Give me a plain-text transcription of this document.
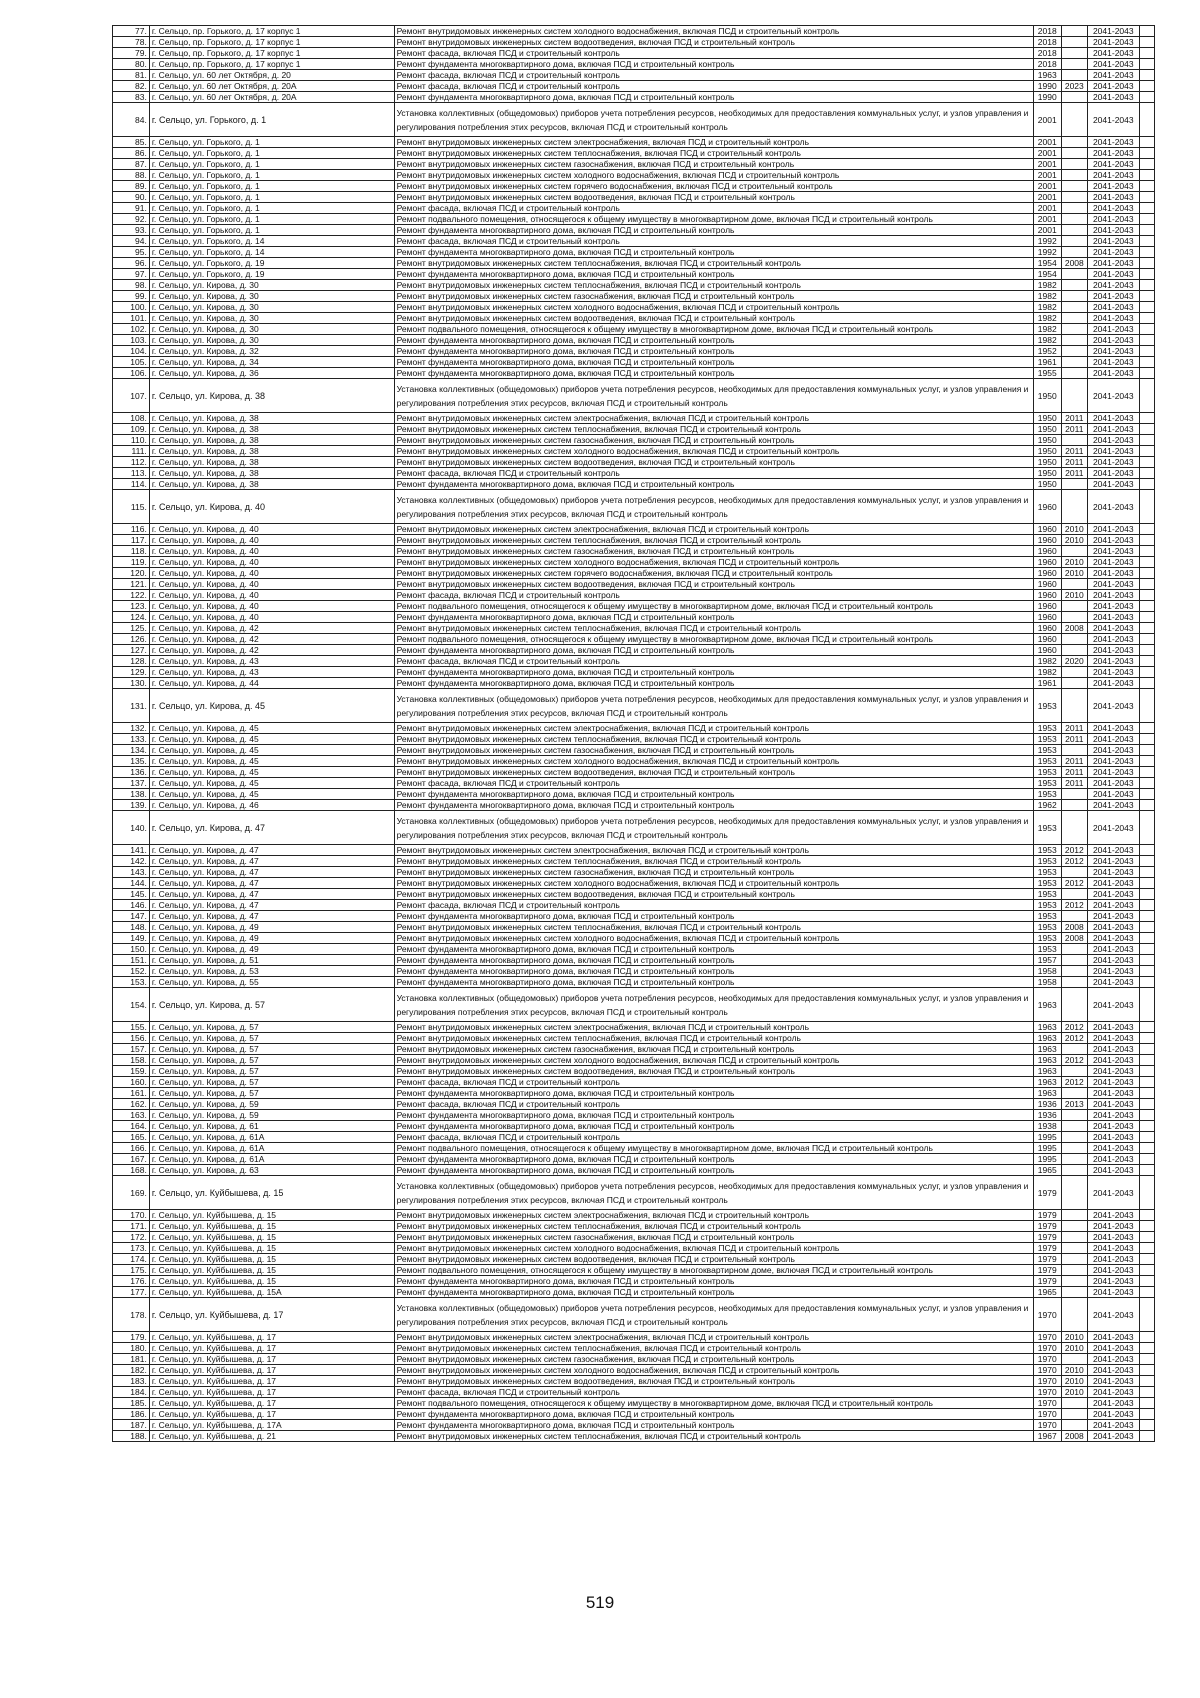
77.	г. Сельцо, пр. Горького, д. 17 корпус 1	Ремонт внутридомовых инженерных систем холодного водоснабжения, включая ПСД и строительный контроль	2018		2041-2043	
78.	г. Сельцо, пр. Горького, д. 17 корпус 1	Ремонт внутридомовых инженерных систем водоотведения, включая ПСД и строительный контроль	2018		2041-2043	
79.	г. Сельцо, пр. Горького, д. 17 корпус 1	Ремонт фасада, включая ПСД и строительный контроль	2018		2041-2043	
80.	г. Сельцо, пр. Горького, д. 17 корпус 1	Ремонт фундамента многоквартирного дома, включая ПСД и строительный контроль	2018		2041-2043	
81.	г. Сельцо, ул. 60 лет Октября, д. 20	Ремонт фасада, включая ПСД и строительный контроль	1963		2041-2043	
82.	г. Сельцо, ул. 60 лет Октября, д. 20А	Ремонт фасада, включая ПСД и строительный контроль	1990	2023	2041-2043	
83.	г. Сельцо, ул. 60 лет Октября, д. 20А	Ремонт фундамента многоквартирного дома, включая ПСД и строительный контроль	1990		2041-2043	
84.	г. Сельцо, ул. Горького, д. 1	Установка коллективных (общедомовых) приборов учета потребления ресурсов, необходимых для предоставления коммунальных услуг, и узлов управления и регулирования потребления этих ресурсов, включая ПСД и строительный контроль	2001		2041-2043	
85.	г. Сельцо, ул. Горького, д. 1	Ремонт внутридомовых инженерных систем электроснабжения, включая ПСД и строительный контроль	2001		2041-2043	
86.	г. Сельцо, ул. Горького, д. 1	Ремонт внутридомовых инженерных систем теплоснабжения, включая ПСД и строительный контроль	2001		2041-2043	
87.	г. Сельцо, ул. Горького, д. 1	Ремонт внутридомовых инженерных систем газоснабжения, включая ПСД и строительный контроль	2001		2041-2043	
88.	г. Сельцо, ул. Горького, д. 1	Ремонт внутридомовых инженерных систем холодного водоснабжения, включая ПСД и строительный контроль	2001		2041-2043	
89.	г. Сельцо, ул. Горького, д. 1	Ремонт внутридомовых инженерных систем горячего водоснабжения, включая ПСД и строительный контроль	2001		2041-2043	
90.	г. Сельцо, ул. Горького, д. 1	Ремонт внутридомовых инженерных систем водоотведения, включая ПСД и строительный контроль	2001		2041-2043	
91.	г. Сельцо, ул. Горького, д. 1	Ремонт фасада, включая ПСД и строительный контроль	2001		2041-2043	
92.	г. Сельцо, ул. Горького, д. 1	Ремонт подвального помещения, относящегося к общему имуществу в многоквартирном доме, включая ПСД и строительный контроль	2001		2041-2043	
93.	г. Сельцо, ул. Горького, д. 1	Ремонт фундамента многоквартирного дома, включая ПСД и строительный контроль	2001		2041-2043	
94.	г. Сельцо, ул. Горького, д. 14	Ремонт фасада, включая ПСД и строительный контроль	1992		2041-2043	
95.	г. Сельцо, ул. Горького, д. 14	Ремонт фундамента многоквартирного дома, включая ПСД и строительный контроль	1992		2041-2043	
96.	г. Сельцо, ул. Горького, д. 19	Ремонт внутридомовых инженерных систем теплоснабжения, включая ПСД и строительный контроль	1954	2008	2041-2043	
97.	г. Сельцо, ул. Горького, д. 19	Ремонт фундамента многоквартирного дома, включая ПСД и строительный контроль	1954		2041-2043	
98.	г. Сельцо, ул. Кирова, д. 30	Ремонт внутридомовых инженерных систем теплоснабжения, включая ПСД и строительный контроль	1982		2041-2043	
99.	г. Сельцо, ул. Кирова, д. 30	Ремонт внутридомовых инженерных систем газоснабжения, включая ПСД и строительный контроль	1982		2041-2043	
100.	г. Сельцо, ул. Кирова, д. 30	Ремонт внутридомовых инженерных систем холодного водоснабжения, включая ПСД и строительный контроль	1982		2041-2043	
101.	г. Сельцо, ул. Кирова, д. 30	Ремонт внутридомовых инженерных систем водоотведения, включая ПСД и строительный контроль	1982		2041-2043	
102.	г. Сельцо, ул. Кирова, д. 30	Ремонт подвального помещения, относящегося к общему имуществу в многоквартирном доме, включая ПСД и строительный контроль	1982		2041-2043	
103.	г. Сельцо, ул. Кирова, д. 30	Ремонт фундамента многоквартирного дома, включая ПСД и строительный контроль	1982		2041-2043	
104.	г. Сельцо, ул. Кирова, д. 32	Ремонт фундамента многоквартирного дома, включая ПСД и строительный контроль	1952		2041-2043	
105.	г. Сельцо, ул. Кирова, д. 34	Ремонт фундамента многоквартирного дома, включая ПСД и строительный контроль	1961		2041-2043	
106.	г. Сельцо, ул. Кирова, д. 36	Ремонт фундамента многоквартирного дома, включая ПСД и строительный контроль	1955		2041-2043	
107.	г. Сельцо, ул. Кирова, д. 38	Установка коллективных (общедомовых) приборов учета потребления ресурсов, необходимых для предоставления коммунальных услуг, и узлов управления и регулирования потребления этих ресурсов, включая ПСД и строительный контроль	1950		2041-2043	
108.	г. Сельцо, ул. Кирова, д. 38	Ремонт внутридомовых инженерных систем электроснабжения, включая ПСД и строительный контроль	1950	2011	2041-2043	
109.	г. Сельцо, ул. Кирова, д. 38	Ремонт внутридомовых инженерных систем теплоснабжения, включая ПСД и строительный контроль	1950	2011	2041-2043	
110.	г. Сельцо, ул. Кирова, д. 38	Ремонт внутридомовых инженерных систем газоснабжения, включая ПСД и строительный контроль	1950		2041-2043	
111.	г. Сельцо, ул. Кирова, д. 38	Ремонт внутридомовых инженерных систем холодного водоснабжения, включая ПСД и строительный контроль	1950	2011	2041-2043	
112.	г. Сельцо, ул. Кирова, д. 38	Ремонт внутридомовых инженерных систем водоотведения, включая ПСД и строительный контроль	1950	2011	2041-2043	
113.	г. Сельцо, ул. Кирова, д. 38	Ремонт фасада, включая ПСД и строительный контроль	1950	2011	2041-2043	
114.	г. Сельцо, ул. Кирова, д. 38	Ремонт фундамента многоквартирного дома, включая ПСД и строительный контроль	1950		2041-2043	
115.	г. Сельцо, ул. Кирова, д. 40	Установка коллективных (общедомовых) приборов учета потребления ресурсов, необходимых для предоставления коммунальных услуг, и узлов управления и регулирования потребления этих ресурсов, включая ПСД и строительный контроль	1960		2041-2043	
116.	г. Сельцо, ул. Кирова, д. 40	Ремонт внутридомовых инженерных систем электроснабжения, включая ПСД и строительный контроль	1960	2010	2041-2043	
117.	г. Сельцо, ул. Кирова, д. 40	Ремонт внутридомовых инженерных систем теплоснабжения, включая ПСД и строительный контроль	1960	2010	2041-2043	
118.	г. Сельцо, ул. Кирова, д. 40	Ремонт внутридомовых инженерных систем газоснабжения, включая ПСД и строительный контроль	1960		2041-2043	
119.	г. Сельцо, ул. Кирова, д. 40	Ремонт внутридомовых инженерных систем холодного водоснабжения, включая ПСД и строительный контроль	1960	2010	2041-2043	
120.	г. Сельцо, ул. Кирова, д. 40	Ремонт внутридомовых инженерных систем горячего водоснабжения, включая ПСД и строительный контроль	1960	2010	2041-2043	
121.	г. Сельцо, ул. Кирова, д. 40	Ремонт внутридомовых инженерных систем водоотведения, включая ПСД и строительный контроль	1960		2041-2043	
122.	г. Сельцо, ул. Кирова, д. 40	Ремонт фасада, включая ПСД и строительный контроль	1960	2010	2041-2043	
123.	г. Сельцо, ул. Кирова, д. 40	Ремонт подвального помещения, относящегося к общему имуществу в многоквартирном доме, включая ПСД и строительный контроль	1960		2041-2043	
124.	г. Сельцо, ул. Кирова, д. 40	Ремонт фундамента многоквартирного дома, включая ПСД и строительный контроль	1960		2041-2043	
125.	г. Сельцо, ул. Кирова, д. 42	Ремонт внутридомовых инженерных систем теплоснабжения, включая ПСД и строительный контроль	1960	2008	2041-2043	
126.	г. Сельцо, ул. Кирова, д. 42	Ремонт подвального помещения, относящегося к общему имуществу в многоквартирном доме, включая ПСД и строительный контроль	1960		2041-2043	
127.	г. Сельцо, ул. Кирова, д. 42	Ремонт фундамента многоквартирного дома, включая ПСД и строительный контроль	1960		2041-2043	
128.	г. Сельцо, ул. Кирова, д. 43	Ремонт фасада, включая ПСД и строительный контроль	1982	2020	2041-2043	
129.	г. Сельцо, ул. Кирова, д. 43	Ремонт фундамента многоквартирного дома, включая ПСД и строительный контроль	1982		2041-2043	
130.	г. Сельцо, ул. Кирова, д. 44	Ремонт фундамента многоквартирного дома, включая ПСД и строительный контроль	1961		2041-2043	
131.	г. Сельцо, ул. Кирова, д. 45	Установка коллективных (общедомовых) приборов учета потребления ресурсов, необходимых для предоставления коммунальных услуг, и узлов управления и регулирования потребления этих ресурсов, включая ПСД и строительный контроль	1953		2041-2043	
132.	г. Сельцо, ул. Кирова, д. 45	Ремонт внутридомовых инженерных систем электроснабжения, включая ПСД и строительный контроль	1953	2011	2041-2043	
133.	г. Сельцо, ул. Кирова, д. 45	Ремонт внутридомовых инженерных систем теплоснабжения, включая ПСД и строительный контроль	1953	2011	2041-2043	
134.	г. Сельцо, ул. Кирова, д. 45	Ремонт внутридомовых инженерных систем газоснабжения, включая ПСД и строительный контроль	1953		2041-2043	
135.	г. Сельцо, ул. Кирова, д. 45	Ремонт внутридомовых инженерных систем холодного водоснабжения, включая ПСД и строительный контроль	1953	2011	2041-2043	
136.	г. Сельцо, ул. Кирова, д. 45	Ремонт внутридомовых инженерных систем водоотведения, включая ПСД и строительный контроль	1953	2011	2041-2043	
137.	г. Сельцо, ул. Кирова, д. 45	Ремонт фасада, включая ПСД и строительный контроль	1953	2011	2041-2043	
138.	г. Сельцо, ул. Кирова, д. 45	Ремонт фундамента многоквартирного дома, включая ПСД и строительный контроль	1953		2041-2043	
139.	г. Сельцо, ул. Кирова, д. 46	Ремонт фундамента многоквартирного дома, включая ПСД и строительный контроль	1962		2041-2043	
140.	г. Сельцо, ул. Кирова, д. 47	Установка коллективных (общедомовых) приборов учета потребления ресурсов, необходимых для предоставления коммунальных услуг, и узлов управления и регулирования потребления этих ресурсов, включая ПСД и строительный контроль	1953		2041-2043	
141.	г. Сельцо, ул. Кирова, д. 47	Ремонт внутридомовых инженерных систем электроснабжения, включая ПСД и строительный контроль	1953	2012	2041-2043	
142.	г. Сельцо, ул. Кирова, д. 47	Ремонт внутридомовых инженерных систем теплоснабжения, включая ПСД и строительный контроль	1953	2012	2041-2043	
143.	г. Сельцо, ул. Кирова, д. 47	Ремонт внутридомовых инженерных систем газоснабжения, включая ПСД и строительный контроль	1953		2041-2043	
144.	г. Сельцо, ул. Кирова, д. 47	Ремонт внутридомовых инженерных систем холодного водоснабжения, включая ПСД и строительный контроль	1953	2012	2041-2043	
145.	г. Сельцо, ул. Кирова, д. 47	Ремонт внутридомовых инженерных систем водоотведения, включая ПСД и строительный контроль	1953		2041-2043	
146.	г. Сельцо, ул. Кирова, д. 47	Ремонт фасада, включая ПСД и строительный контроль	1953	2012	2041-2043	
147.	г. Сельцо, ул. Кирова, д. 47	Ремонт фундамента многоквартирного дома, включая ПСД и строительный контроль	1953		2041-2043	
148.	г. Сельцо, ул. Кирова, д. 49	Ремонт внутридомовых инженерных систем теплоснабжения, включая ПСД и строительный контроль	1953	2008	2041-2043	
149.	г. Сельцо, ул. Кирова, д. 49	Ремонт внутридомовых инженерных систем холодного водоснабжения, включая ПСД и строительный контроль	1953	2008	2041-2043	
150.	г. Сельцо, ул. Кирова, д. 49	Ремонт фундамента многоквартирного дома, включая ПСД и строительный контроль	1953		2041-2043	
151.	г. Сельцо, ул. Кирова, д. 51	Ремонт фундамента многоквартирного дома, включая ПСД и строительный контроль	1957		2041-2043	
152.	г. Сельцо, ул. Кирова, д. 53	Ремонт фундамента многоквартирного дома, включая ПСД и строительный контроль	1958		2041-2043	
153.	г. Сельцо, ул. Кирова, д. 55	Ремонт фундамента многоквартирного дома, включая ПСД и строительный контроль	1958		2041-2043	
154.	г. Сельцо, ул. Кирова, д. 57	Установка коллективных (общедомовых) приборов учета потребления ресурсов, необходимых для предоставления коммунальных услуг, и узлов управления и регулирования потребления этих ресурсов, включая ПСД и строительный контроль	1963		2041-2043	
155.	г. Сельцо, ул. Кирова, д. 57	Ремонт внутридомовых инженерных систем электроснабжения, включая ПСД и строительный контроль	1963	2012	2041-2043	
156.	г. Сельцо, ул. Кирова, д. 57	Ремонт внутридомовых инженерных систем теплоснабжения, включая ПСД и строительный контроль	1963	2012	2041-2043	
157.	г. Сельцо, ул. Кирова, д. 57	Ремонт внутридомовых инженерных систем газоснабжения, включая ПСД и строительный контроль	1963		2041-2043	
158.	г. Сельцо, ул. Кирова, д. 57	Ремонт внутридомовых инженерных систем холодного водоснабжения, включая ПСД и строительный контроль	1963	2012	2041-2043	
159.	г. Сельцо, ул. Кирова, д. 57	Ремонт внутридомовых инженерных систем водоотведения, включая ПСД и строительный контроль	1963		2041-2043	
160.	г. Сельцо, ул. Кирова, д. 57	Ремонт фасада, включая ПСД и строительный контроль	1963	2012	2041-2043	
161.	г. Сельцо, ул. Кирова, д. 57	Ремонт фундамента многоквартирного дома, включая ПСД и строительный контроль	1963		2041-2043	
162.	г. Сельцо, ул. Кирова, д. 59	Ремонт фасада, включая ПСД и строительный контроль	1936	2013	2041-2043	
163.	г. Сельцо, ул. Кирова, д. 59	Ремонт фундамента многоквартирного дома, включая ПСД и строительный контроль	1936		2041-2043	
164.	г. Сельцо, ул. Кирова, д. 61	Ремонт фундамента многоквартирного дома, включая ПСД и строительный контроль	1938		2041-2043	
165.	г. Сельцо, ул. Кирова, д. 61А	Ремонт фасада, включая ПСД и строительный контроль	1995		2041-2043	
166.	г. Сельцо, ул. Кирова, д. 61А	Ремонт подвального помещения, относящегося к общему имуществу в многоквартирном доме, включая ПСД и строительный контроль	1995		2041-2043	
167.	г. Сельцо, ул. Кирова, д. 61А	Ремонт фундамента многоквартирного дома, включая ПСД и строительный контроль	1995		2041-2043	
168.	г. Сельцо, ул. Кирова, д. 63	Ремонт фундамента многоквартирного дома, включая ПСД и строительный контроль	1965		2041-2043	
169.	г. Сельцо, ул. Куйбышева, д. 15	Установка коллективных (общедомовых) приборов учета потребления ресурсов, необходимых для предоставления коммунальных услуг, и узлов управления и регулирования потребления этих ресурсов, включая ПСД и строительный контроль	1979		2041-2043	
170.	г. Сельцо, ул. Куйбышева, д. 15	Ремонт внутридомовых инженерных систем электроснабжения, включая ПСД и строительный контроль	1979		2041-2043	
171.	г. Сельцо, ул. Куйбышева, д. 15	Ремонт внутридомовых инженерных систем теплоснабжения, включая ПСД и строительный контроль	1979		2041-2043	
172.	г. Сельцо, ул. Куйбышева, д. 15	Ремонт внутридомовых инженерных систем газоснабжения, включая ПСД и строительный контроль	1979		2041-2043	
173.	г. Сельцо, ул. Куйбышева, д. 15	Ремонт внутридомовых инженерных систем холодного водоснабжения, включая ПСД и строительный контроль	1979		2041-2043	
174.	г. Сельцо, ул. Куйбышева, д. 15	Ремонт внутридомовых инженерных систем водоотведения, включая ПСД и строительный контроль	1979		2041-2043	
175.	г. Сельцо, ул. Куйбышева, д. 15	Ремонт подвального помещения, относящегося к общему имуществу в многоквартирном доме, включая ПСД и строительный контроль	1979		2041-2043	
176.	г. Сельцо, ул. Куйбышева, д. 15	Ремонт фундамента многоквартирного дома, включая ПСД и строительный контроль	1979		2041-2043	
177.	г. Сельцо, ул. Куйбышева, д. 15А	Ремонт фундамента многоквартирного дома, включая ПСД и строительный контроль	1965		2041-2043	
178.	г. Сельцо, ул. Куйбышева, д. 17	Установка коллективных (общедомовых) приборов учета потребления ресурсов, необходимых для предоставления коммунальных услуг, и узлов управления и регулирования потребления этих ресурсов, включая ПСД и строительный контроль	1970		2041-2043	
179.	г. Сельцо, ул. Куйбышева, д. 17	Ремонт внутридомовых инженерных систем электроснабжения, включая ПСД и строительный контроль	1970	2010	2041-2043	
180.	г. Сельцо, ул. Куйбышева, д. 17	Ремонт внутридомовых инженерных систем теплоснабжения, включая ПСД и строительный контроль	1970	2010	2041-2043	
181.	г. Сельцо, ул. Куйбышева, д. 17	Ремонт внутридомовых инженерных систем газоснабжения, включая ПСД и строительный контроль	1970		2041-2043	
182.	г. Сельцо, ул. Куйбышева, д. 17	Ремонт внутридомовых инженерных систем холодного водоснабжения, включая ПСД и строительный контроль	1970	2010	2041-2043	
183.	г. Сельцо, ул. Куйбышева, д. 17	Ремонт внутридомовых инженерных систем водоотведения, включая ПСД и строительный контроль	1970	2010	2041-2043	
184.	г. Сельцо, ул. Куйбышева, д. 17	Ремонт фасада, включая ПСД и строительный контроль	1970	2010	2041-2043	
185.	г. Сельцо, ул. Куйбышева, д. 17	Ремонт подвального помещения, относящегося к общему имуществу в многоквартирном доме, включая ПСД и строительный контроль	1970		2041-2043	
186.	г. Сельцо, ул. Куйбышева, д. 17	Ремонт фундамента многоквартирного дома, включая ПСД и строительный контроль	1970		2041-2043	
187.	г. Сельцо, ул. Куйбышева, д. 17А	Ремонт фундамента многоквартирного дома, включая ПСД и строительный контроль	1970		2041-2043	
188.	г. Сельцо, ул. Куйбышева, д. 21	Ремонт внутридомовых инженерных систем теплоснабжения, включая ПСД и строительный контроль	1967	2008	2041-2043	
519
